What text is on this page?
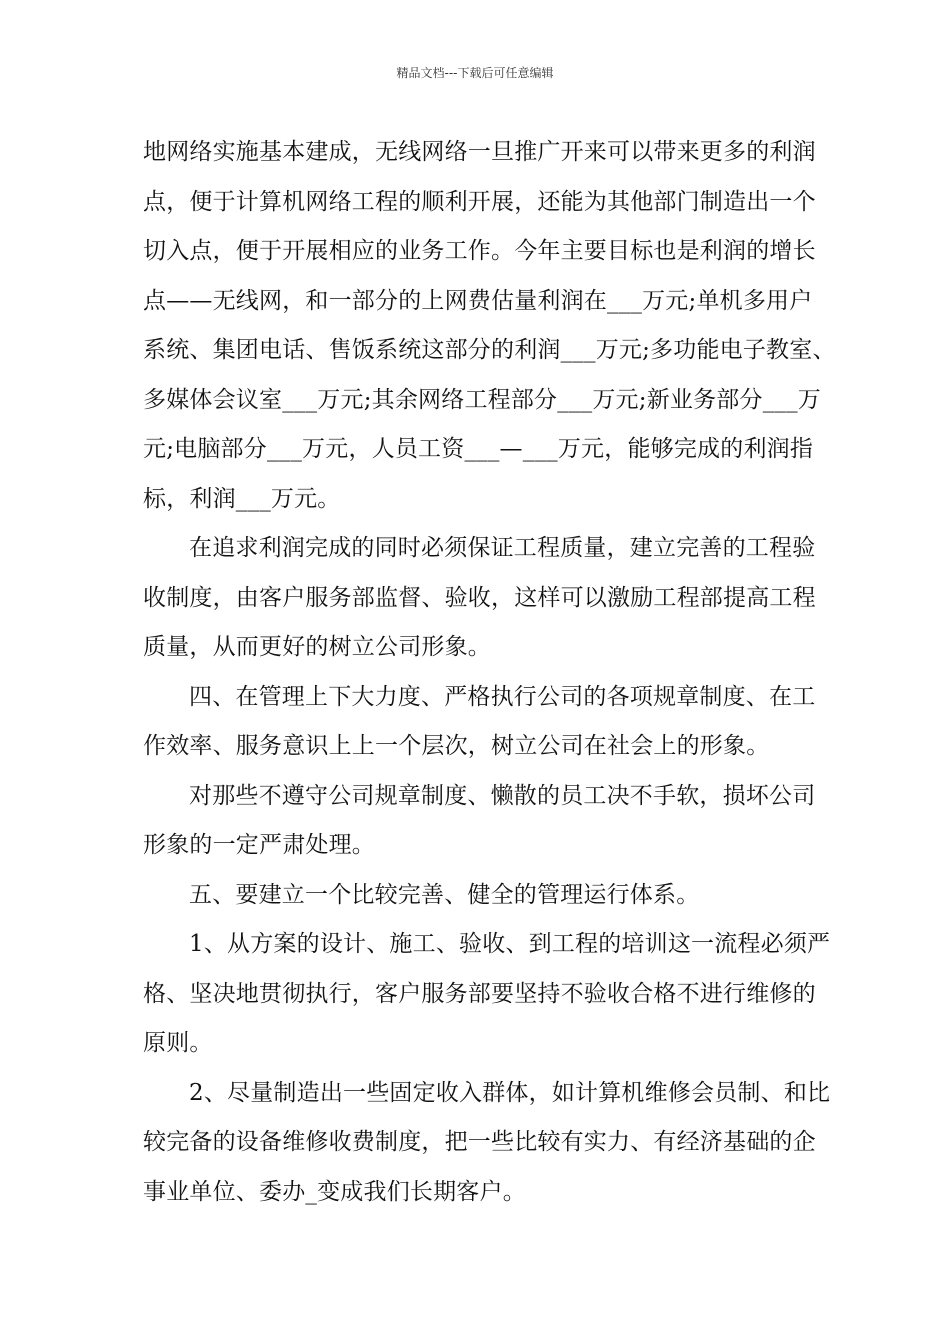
精品文档---下载后可任意编辑
地网络实施基本建成，无线网络一旦推广开来可以带来更多的利润
点，便于计算机网络工程的顺利开展，还能为其他部门制造出一个
切入点，便于开展相应的业务工作。今年主要目标也是利润的增长
点——无线网，和一部分的上网费估量利润在___万元;单机多用户
系统、集团电话、售饭系统这部分的利润___万元;多功能电子教室、
多媒体会议室___万元;其余网络工程部分___万元;新业务部分___万
元;电脑部分___万元，人员工资___—___万元，能够完成的利润指
标，利润___万元。
在追求利润完成的同时必须保证工程质量，建立完善的工程验
收制度，由客户服务部监督、验收，这样可以激励工程部提高工程
质量，从而更好的树立公司形象。
四、在管理上下大力度、严格执行公司的各项规章制度、在工
作效率、服务意识上上一个层次，树立公司在社会上的形象。
对那些不遵守公司规章制度、懒散的员工决不手软，损坏公司
形象的一定严肃处理。
五、要建立一个比较完善、健全的管理运行体系。
1、从方案的设计、施工、验收、到工程的培训这一流程必须严
格、坚决地贯彻执行，客户服务部要坚持不验收合格不进行维修的
原则。
2、尽量制造出一些固定收入群体，如计算机维修会员制、和比
较完备的设备维修收费制度，把一些比较有实力、有经济基础的企
事业单位、委办_变成我们长期客户。
